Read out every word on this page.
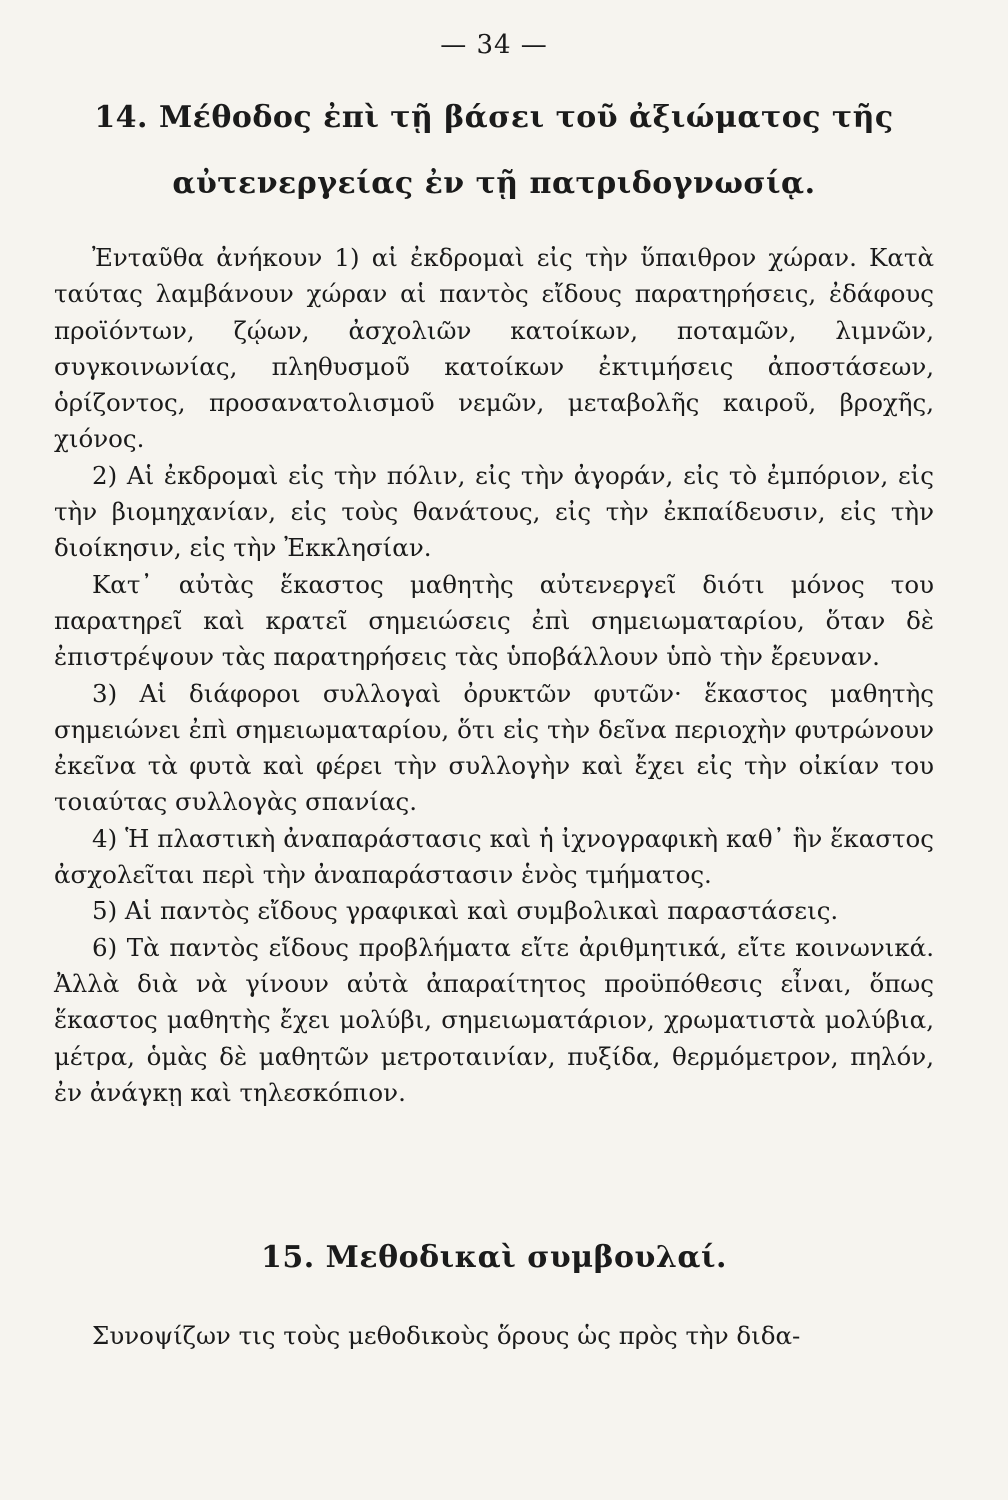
— 34 —
14. Μέθοδος ἐπὶ τῇ βάσει τοῦ ἀξιώματος τῆς
αὐτενεργείας ἐν τῇ πατριδογνωσίᾳ.

Ἐνταῦθα ἀνήκουν 1) αἱ ἐκδρομαὶ εἰς τὴν ὕπαιθρον χώραν. Κατὰ ταύτας λαμβάνουν χώραν αἱ παντὸς εἴδους παρατηρήσεις, ἐδάφους προϊόντων, ζῴων, ἀσχολιῶν κατοίκων, ποταμῶν, λιμνῶν, συγκοινωνίας, πληθυσμοῦ κατοίκων ἐκτιμήσεις ἀποστάσεων, ὁρίζοντος, προσανατολισμοῦ νεμῶν, μεταβολῆς καιροῦ, βροχῆς, χιόνος.

2) Αἱ ἐκδρομαὶ εἰς τὴν πόλιν, εἰς τὴν ἀγοράν, εἰς τὸ ἐμπόριον, εἰς τὴν βιομηχανίαν, εἰς τοὺς θανάτους, εἰς τὴν ἐκπαίδευσιν, εἰς τὴν διοίκησιν, εἰς τὴν Ἐκκλησίαν.

Κατ᾿ αὐτὰς ἕκαστος μαθητὴς αὐτενεργεῖ διότι μόνος του παρατηρεῖ καὶ κρατεῖ σημειώσεις ἐπὶ σημειωματαρίου, ὅταν δὲ ἐπιστρέψουν τὰς παρατηρήσεις τὰς ὑποβάλλουν ὑπὸ τὴν ἔρευναν.

3) Αἱ διάφοροι συλλογαὶ ὀρυκτῶν φυτῶν· ἕκαστος μαθητὴς σημειώνει ἐπὶ σημειωματαρίου, ὅτι εἰς τὴν δεῖνα περιοχὴν φυτρώνουν ἐκεῖνα τὰ φυτὰ καὶ φέρει τὴν συλλογὴν καὶ ἔχει εἰς τὴν οἰκίαν του τοιαύτας συλλογὰς σπανίας.

4) Ἡ πλαστικὴ ἀναπαράστασις καὶ ἡ ἰχνογραφικὴ καθ᾿ ἣν ἕκαστος ἀσχολεῖται περὶ τὴν ἀναπαράστασιν ἑνὸς τμήματος.

5) Αἱ παντὸς εἴδους γραφικαὶ καὶ συμβολικαὶ παραστάσεις.

6) Τὰ παντὸς εἴδους προβλήματα εἴτε ἀριθμητικά, εἴτε κοινωνικά. Ἀλλὰ διὰ νὰ γίνουν αὐτὰ ἀπαραίτητος προϋπόθεσις εἶναι, ὅπως ἕκαστος μαθητὴς ἔχει μολύβι, σημειωματάριον, χρωματιστὰ μολύβια, μέτρα, ὁμὰς δὲ μαθητῶν μετροταινίαν, πυξίδα, θερμόμετρον, πηλόν, ἐν ἀνάγκῃ καὶ τηλεσκόπιον.

15. Μεθοδικαὶ συμβουλαί.

Συνοψίζων τις τοὺς μεθοδικοὺς ὅρους ὡς πρὸς τὴν διδα-
